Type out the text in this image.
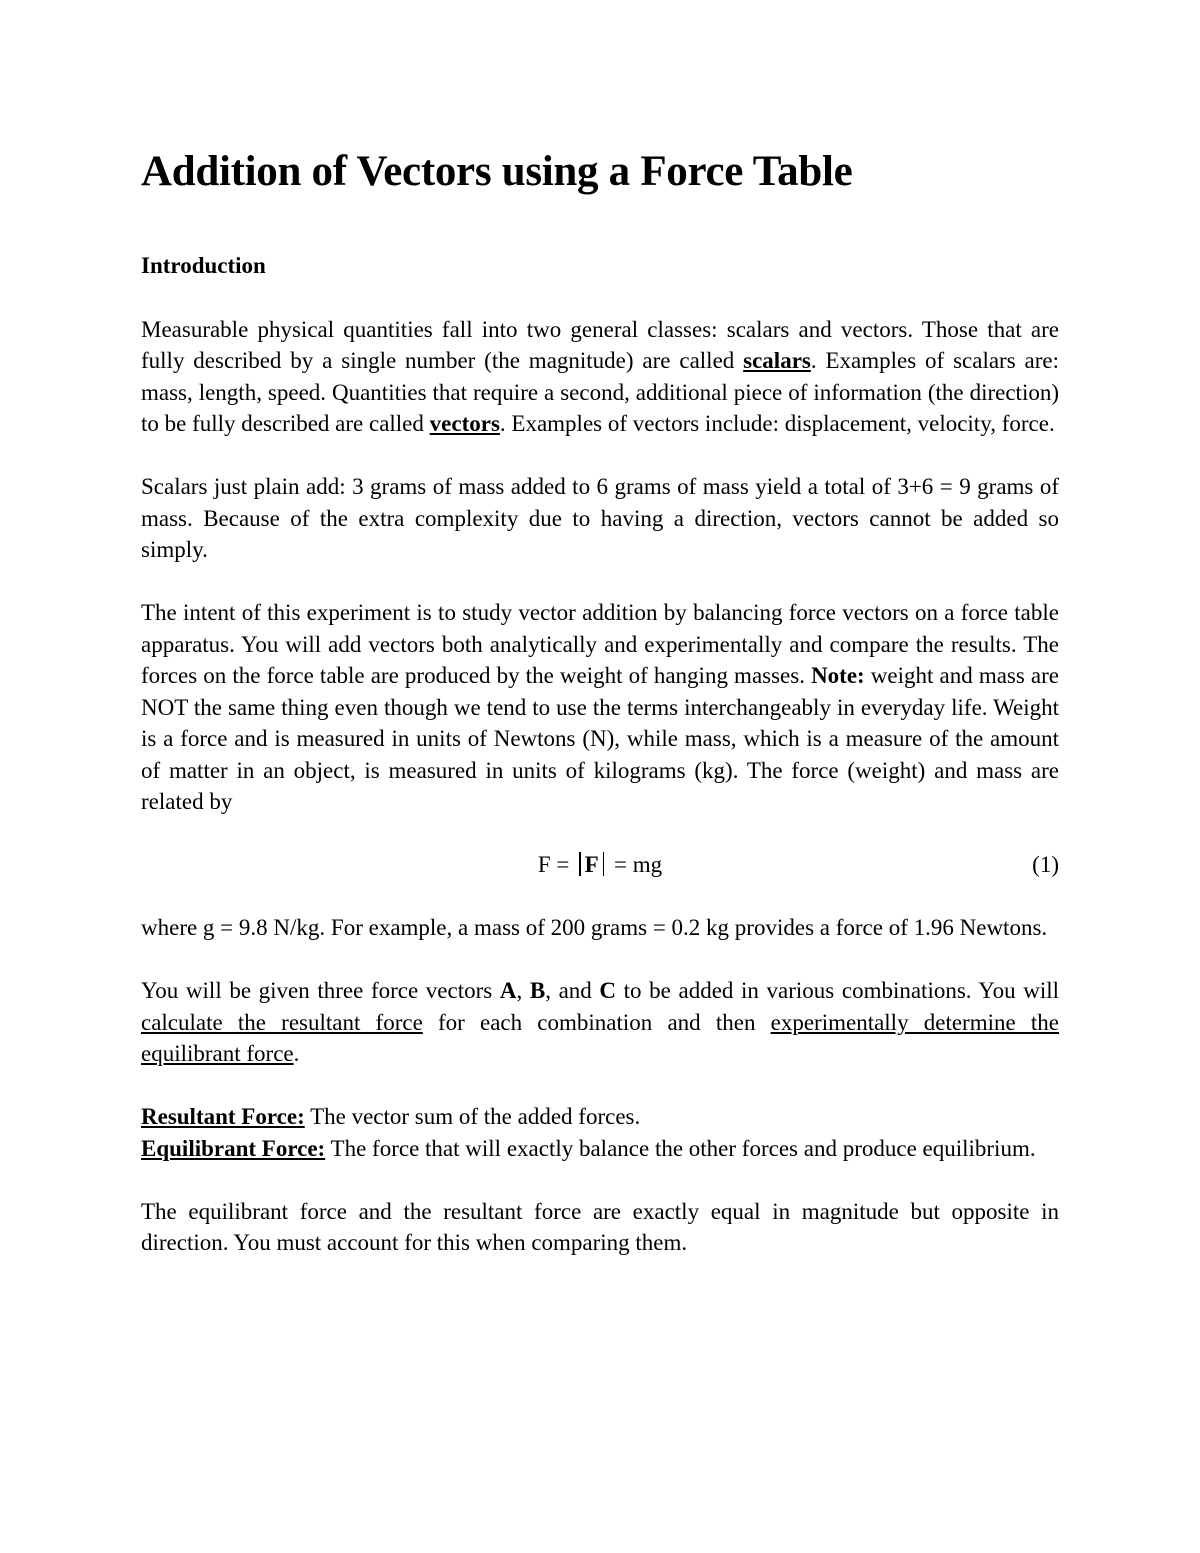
Addition of Vectors using a Force Table
Introduction

Measurable physical quantities fall into two general classes: scalars and vectors. Those that are fully described by a single number (the magnitude) are called scalars. Examples of scalars are: mass, length, speed. Quantities that require a second, additional piece of information (the direction) to be fully described are called vectors. Examples of vectors include: displacement, velocity, force.

Scalars just plain add: 3 grams of mass added to 6 grams of mass yield a total of 3+6 = 9 grams of mass. Because of the extra complexity due to having a direction, vectors cannot be added so simply.

The intent of this experiment is to study vector addition by balancing force vectors on a force table apparatus. You will add vectors both analytically and experimentally and compare the results. The forces on the force table are produced by the weight of hanging masses. Note: weight and mass are NOT the same thing even though we tend to use the terms interchangeably in everyday life. Weight is a force and is measured in units of Newtons (N), while mass, which is a measure of the amount of matter in an object, is measured in units of kilograms (kg). The force (weight) and mass are related by

F = F = mg	(1)

where g = 9.8 N/kg. For example, a mass of 200 grams = 0.2 kg provides a force of 1.96 Newtons.

You will be given three force vectors A, B, and C to be added in various combinations. You will calculate the resultant force for each combination and then experimentally determine the equilibrant force.

Resultant Force: The vector sum of the added forces.

Equilibrant Force: The force that will exactly balance the other forces and produce equilibrium.

The equilibrant force and the resultant force are exactly equal in magnitude but opposite in direction. You must account for this when comparing them.
